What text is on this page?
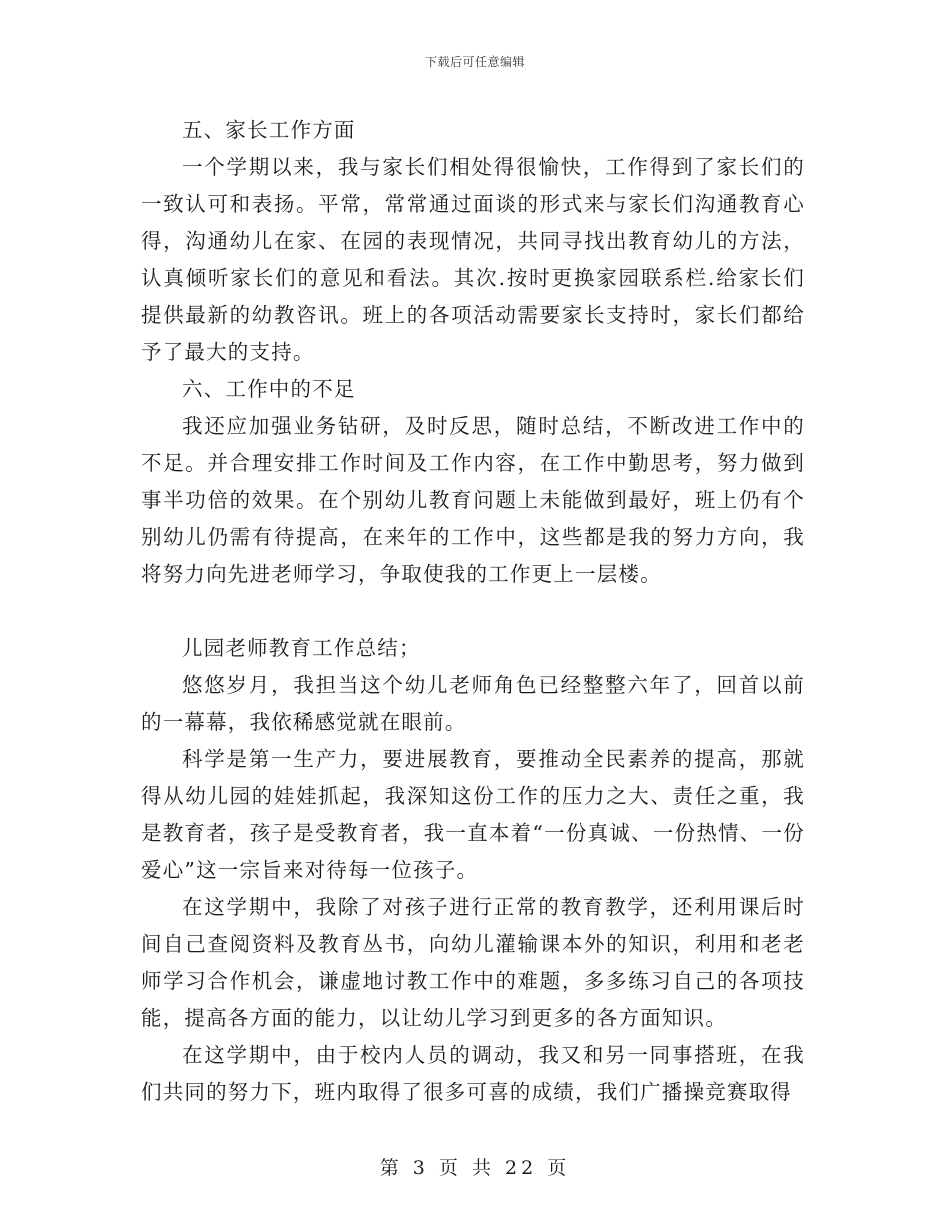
下载后可任意编辑

五、家长工作方面

一个学期以来，我与家长们相处得很愉快，工作得到了家长们的一致认可和表扬。平常，常常通过面谈的形式来与家长们沟通教育心得，沟通幼儿在家、在园的表现情况，共同寻找出教育幼儿的方法，认真倾听家长们的意见和看法。其次.按时更换家园联系栏.给家长们提供最新的幼教咨讯。班上的各项活动需要家长支持时，家长们都给予了最大的支持。

六、工作中的不足

我还应加强业务钻研，及时反思，随时总结，不断改进工作中的不足。并合理安排工作时间及工作内容，在工作中勤思考，努力做到事半功倍的效果。在个别幼儿教育问题上未能做到最好，班上仍有个别幼儿仍需有待提高，在来年的工作中，这些都是我的努力方向，我将努力向先进老师学习，争取使我的工作更上一层楼。

儿园老师教育工作总结；

悠悠岁月，我担当这个幼儿老师角色已经整整六年了，回首以前的一幕幕，我依稀感觉就在眼前。

科学是第一生产力，要进展教育，要推动全民素养的提高，那就得从幼儿园的娃娃抓起，我深知这份工作的压力之大、责任之重，我是教育者，孩子是受教育者，我一直本着“一份真诚、一份热情、一份爱心”这一宗旨来对待每一位孩子。

在这学期中，我除了对孩子进行正常的教育教学，还利用课后时间自己查阅资料及教育丛书，向幼儿灌输课本外的知识，利用和老老师学习合作机会，谦虚地讨教工作中的难题，多多练习自己的各项技能，提高各方面的能力，以让幼儿学习到更多的各方面知识。

在这学期中，由于校内人员的调动，我又和另一同事搭班，在我们共同的努力下，班内取得了很多可喜的成绩，我们广播操竞赛取得

第 3 页 共 22 页
